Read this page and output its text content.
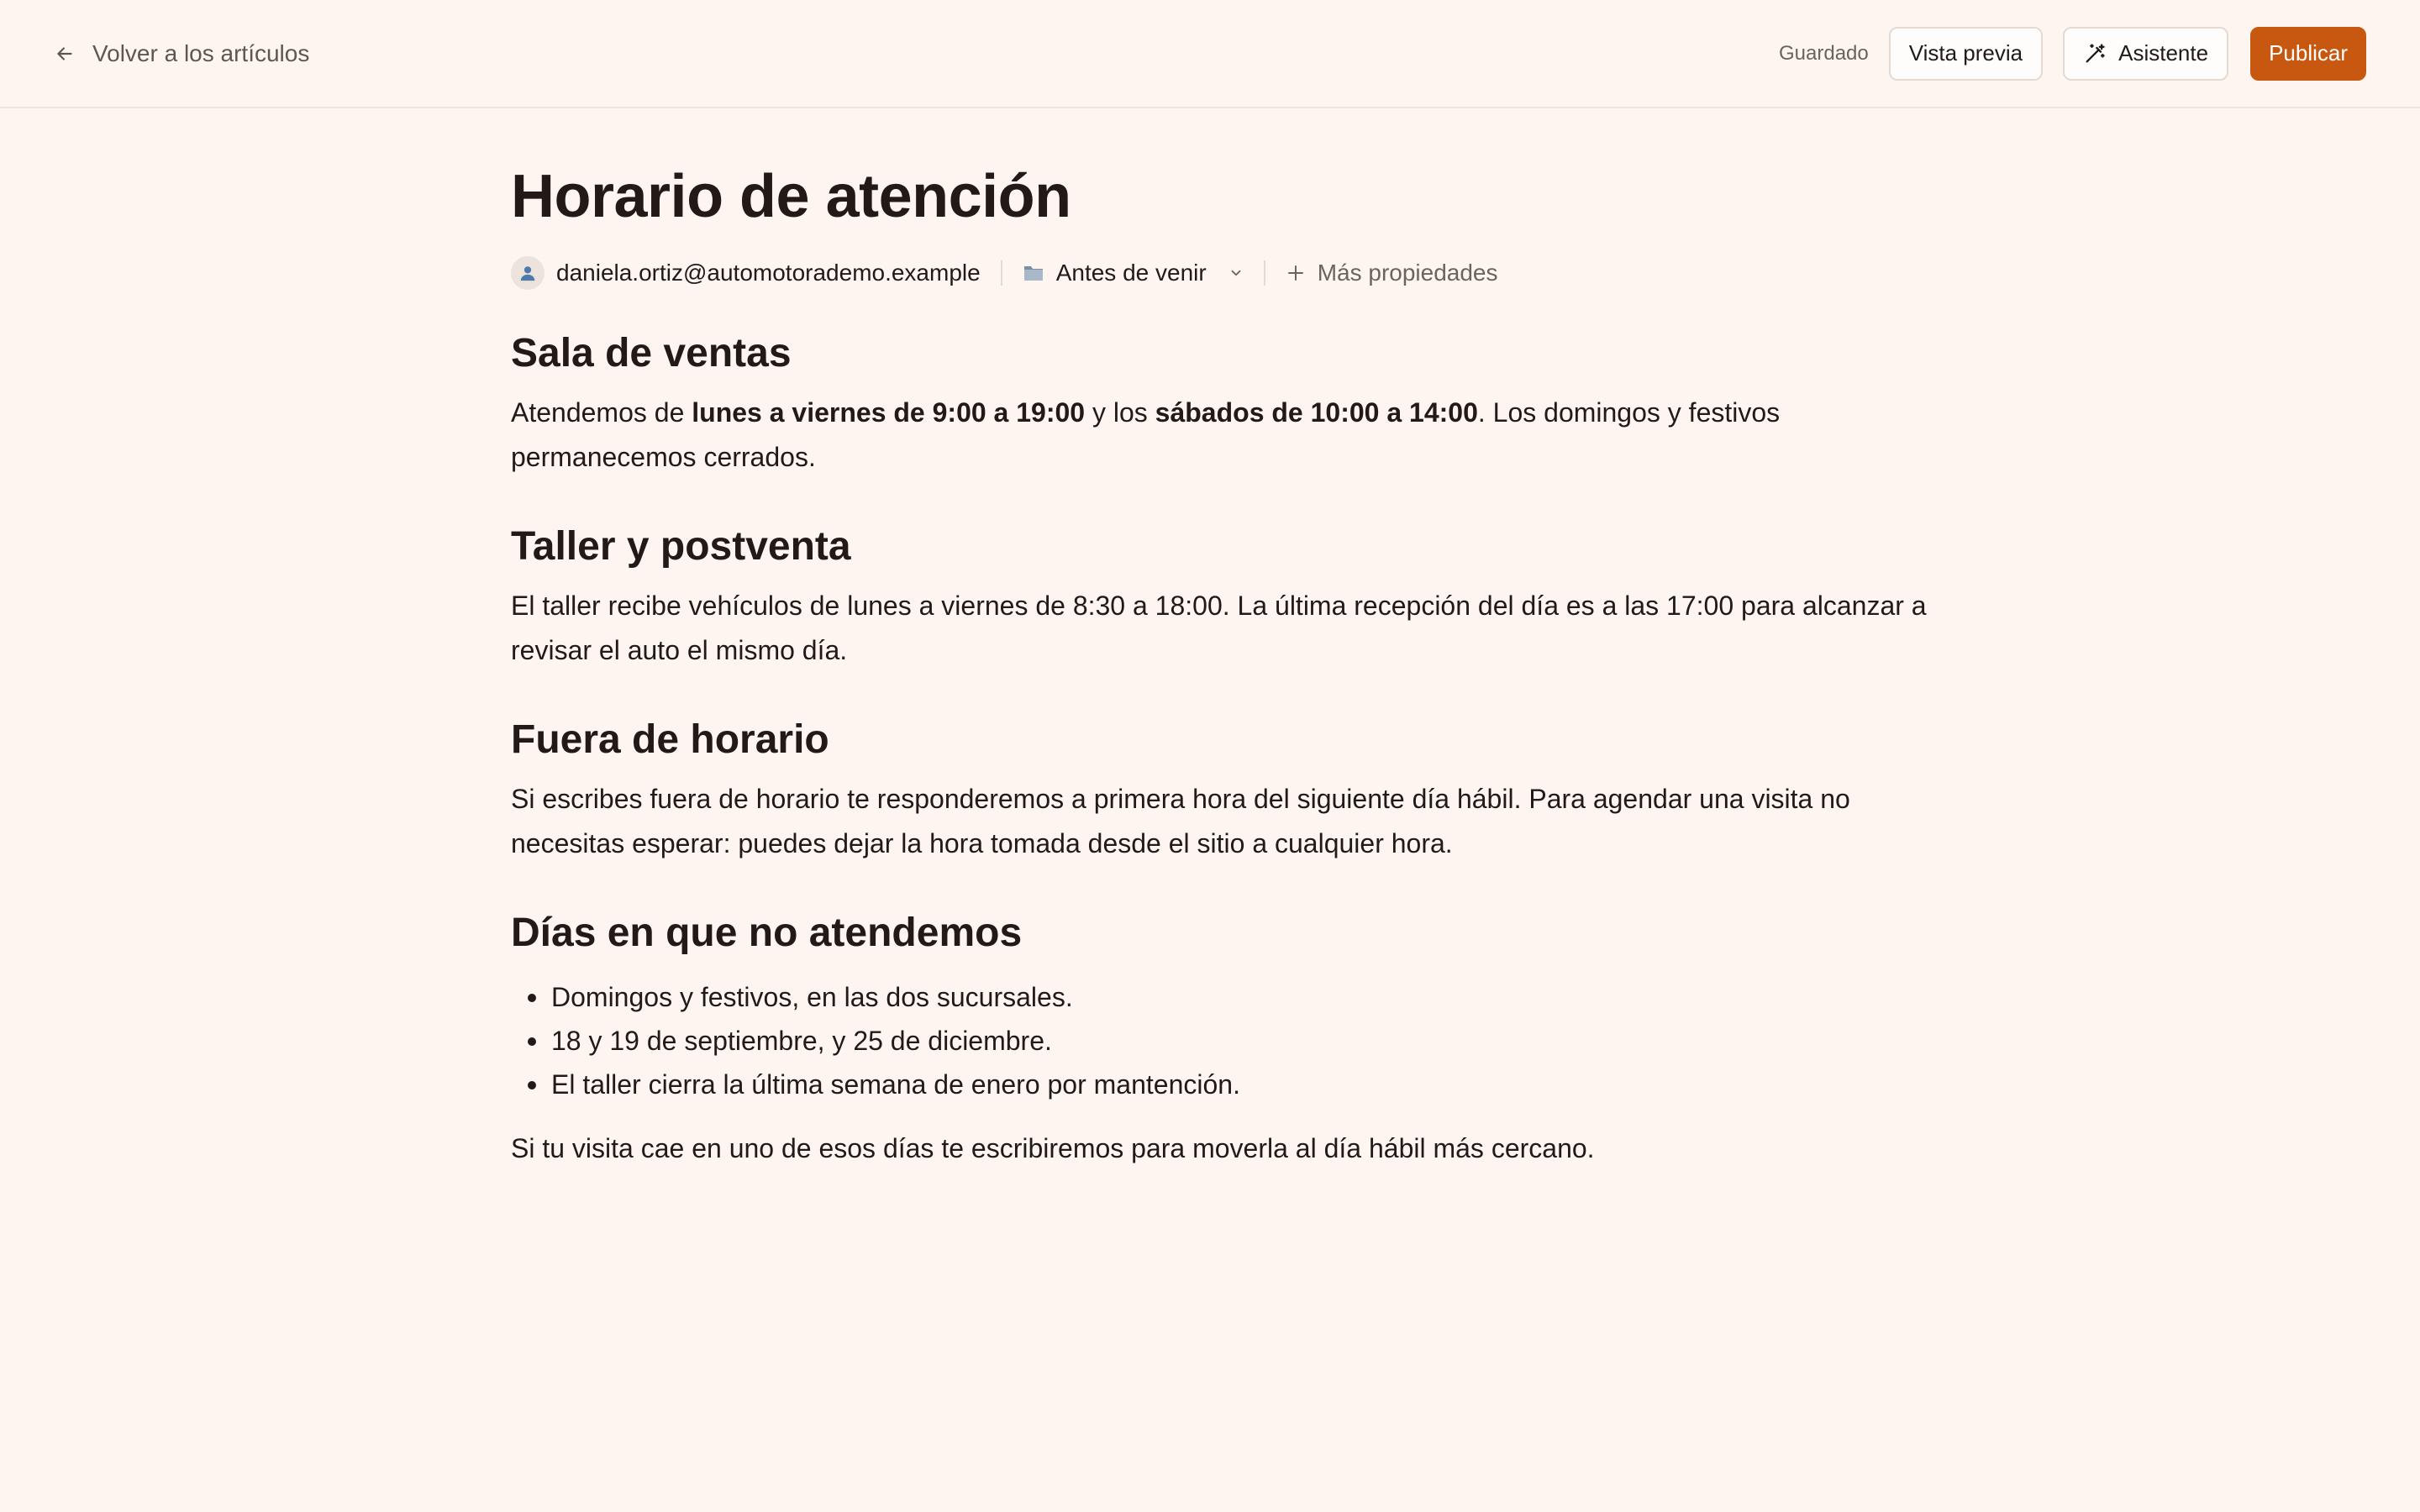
Volver a los artículos	Guardado Vista previa	Asistente	Publicar
Horario de atención
daniela.ortiz@automotorademo.example	Antes de venir	Más propiedades
Sala de ventas

Atendemos de lunes a viernes de 9:00 a 19:00 y los sábados de 10:00 a 14:00. Los domingos y festivos permanecemos cerrados.

Taller y postventa

El taller recibe vehículos de lunes a viernes de 8:30 a 18:00. La última recepción del día es a las 17:00 para alcanzar a revisar el auto el mismo día.

Fuera de horario

Si escribes fuera de horario te responderemos a primera hora del siguiente día hábil. Para agendar una visita no necesitas esperar: puedes dejar la hora tomada desde el sitio a cualquier hora.

Días en que no atendemos
Domingos y festivos, en las dos sucursales.
18 y 19 de septiembre, y 25 de diciembre.
El taller cierra la última semana de enero por mantención.

Si tu visita cae en uno de esos días te escribiremos para moverla al día hábil más cercano.
